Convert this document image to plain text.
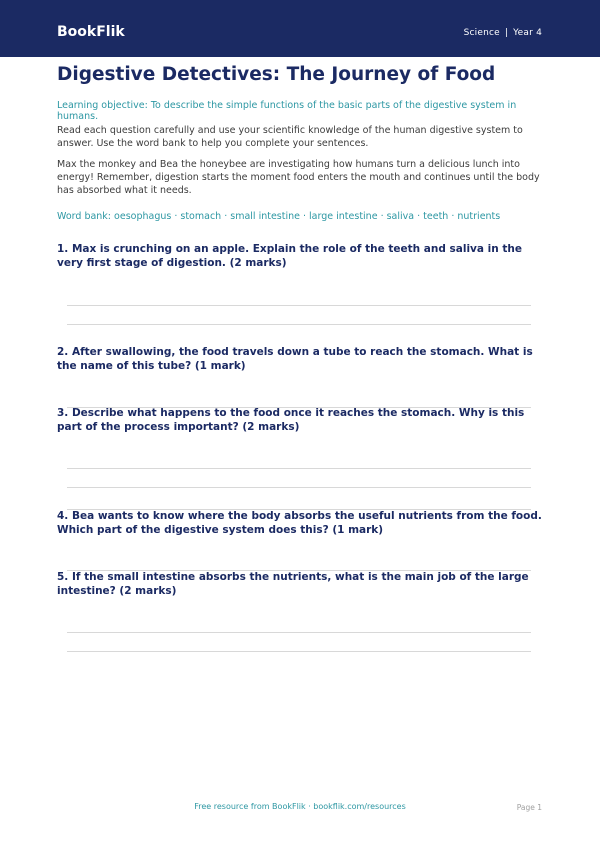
BookFlik	Science | Year 4
Digestive Detectives: The Journey of Food
Learning objective: To describe the simple functions of the basic parts of the digestive system in humans.
Read each question carefully and use your scientific knowledge of the human digestive system to answer. Use the word bank to help you complete your sentences.
Max the monkey and Bea the honeybee are investigating how humans turn a delicious lunch into energy! Remember, digestion starts the moment food enters the mouth and continues until the body has absorbed what it needs.
Word bank: oesophagus · stomach · small intestine · large intestine · saliva · teeth · nutrients
1. Max is crunching on an apple. Explain the role of the teeth and saliva in the very first stage of digestion. (2 marks)
2. After swallowing, the food travels down a tube to reach the stomach. What is the name of this tube? (1 mark)
3. Describe what happens to the food once it reaches the stomach. Why is this part of the process important? (2 marks)
4. Bea wants to know where the body absorbs the useful nutrients from the food. Which part of the digestive system does this? (1 mark)
5. If the small intestine absorbs the nutrients, what is the main job of the large intestine? (2 marks)
Free resource from BookFlik · bookflik.com/resources	Page 1
